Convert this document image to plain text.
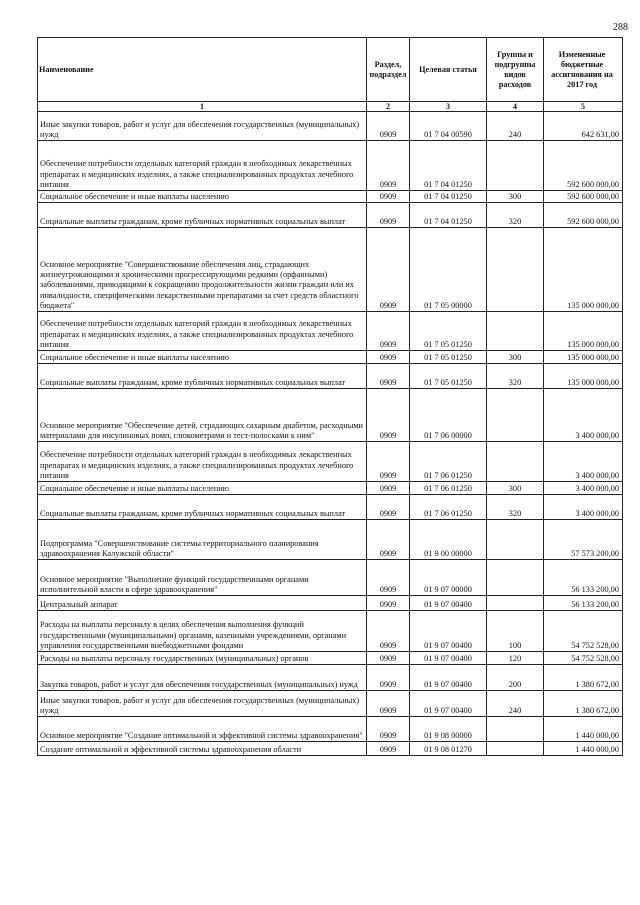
288
Наименование	Раздел, подраздел	Целевая статья	Группы и подгруппы видов расходов	Измененные бюджетные ассигнования на 2017 год
1	2	3	4	5
Иные закупки товаров, работ и услуг для обеспечения государственных (муниципальных) нужд	0909	01 7 04 00590	240	642 631,00
Обеспечение потребности отдельных категорий граждан в необходимых лекарственных препаратах и медицинских изделиях, а также специализированных продуктах лечебного питания	0909	01 7 04 01250		592 600 000,00
Социальное обеспечение и иные выплаты населению	0909	01 7 04 01250	300	592 600 000,00
Социальные выплаты гражданам, кроме публичных нормативных социальных выплат	0909	01 7 04 01250	320	592 600 000,00
Основное мероприятие "Совершенствование обеспечения лиц, страдающих жизнеугрожающими и хроническими прогрессирующими редкими (орфанными) заболеваниями, приводящими к сокращению продолжительности жизни граждан или их инвалидности, специфическими лекарственными препаратами за счет средств областного бюджета"	0909	01 7 05 00000		135 000 000,00
Обеспечение потребности отдельных категорий граждан в необходимых лекарственных препаратах и медицинских изделиях, а также специализированных продуктах лечебного питания	0909	01 7 05 01250		135 000 000,00
Социальное обеспечение и иные выплаты населению	0909	01 7 05 01250	300	135 000 000,00
Социальные выплаты гражданам, кроме публичных нормативных социальных выплат	0909	01 7 05 01250	320	135 000 000,00
Основное мероприятие "Обеспечение детей, страдающих сахарным диабетом, расходными материалами для инсулиновых помп, глюкометрами и тест-полосками к ним"	0909	01 7 06 00000		3 400 000,00
Обеспечение потребности отдельных категорий граждан в необходимых лекарственных препаратах и медицинских изделиях, а также специализированных продуктах лечебного питания	0909	01 7 06 01250		3 400 000,00
Социальное обеспечение и иные выплаты населению	0909	01 7 06 01250	300	3 400 000,00
Социальные выплаты гражданам, кроме публичных нормативных социальных выплат	0909	01 7 06 01250	320	3 400 000,00
Подпрограмма "Совершенствование системы территориального планирования здравоохранения Калужской области"	0909	01 9 00 00000		57 573 200,00
Основное мероприятие "Выполнение функций государственными органами исполнительной власти в сфере здравоохранения"	0909	01 9 07 00000		56 133 200,00
Центральный аппарат	0909	01 9 07 00400		56 133 200,00
Расходы на выплаты персоналу в целях обеспечения выполнения функций государственными (муниципальными) органами, казенными учреждениями, органами управления государственными внебюджетными фондами	0909	01 9 07 00400	100	54 752 528,00
Расходы на выплаты персоналу государственных (муниципальных) органов	0909	01 9 07 00400	120	54 752 528,00
Закупка товаров, работ и услуг для обеспечения государственных (муниципальных) нужд	0909	01 9 07 00400	200	1 380 672,00
Иные закупки товаров, работ и услуг для обеспечения государственных (муниципальных) нужд	0909	01 9 07 00400	240	1 380 672,00
Основное мероприятие "Создание оптимальной и эффективной системы здравоохранения"	0909	01 9 08 00000		1 440 000,00
Создание оптимальной и эффективной системы здравоохранения области	0909	01 9 08 01270		1 440 000,00
